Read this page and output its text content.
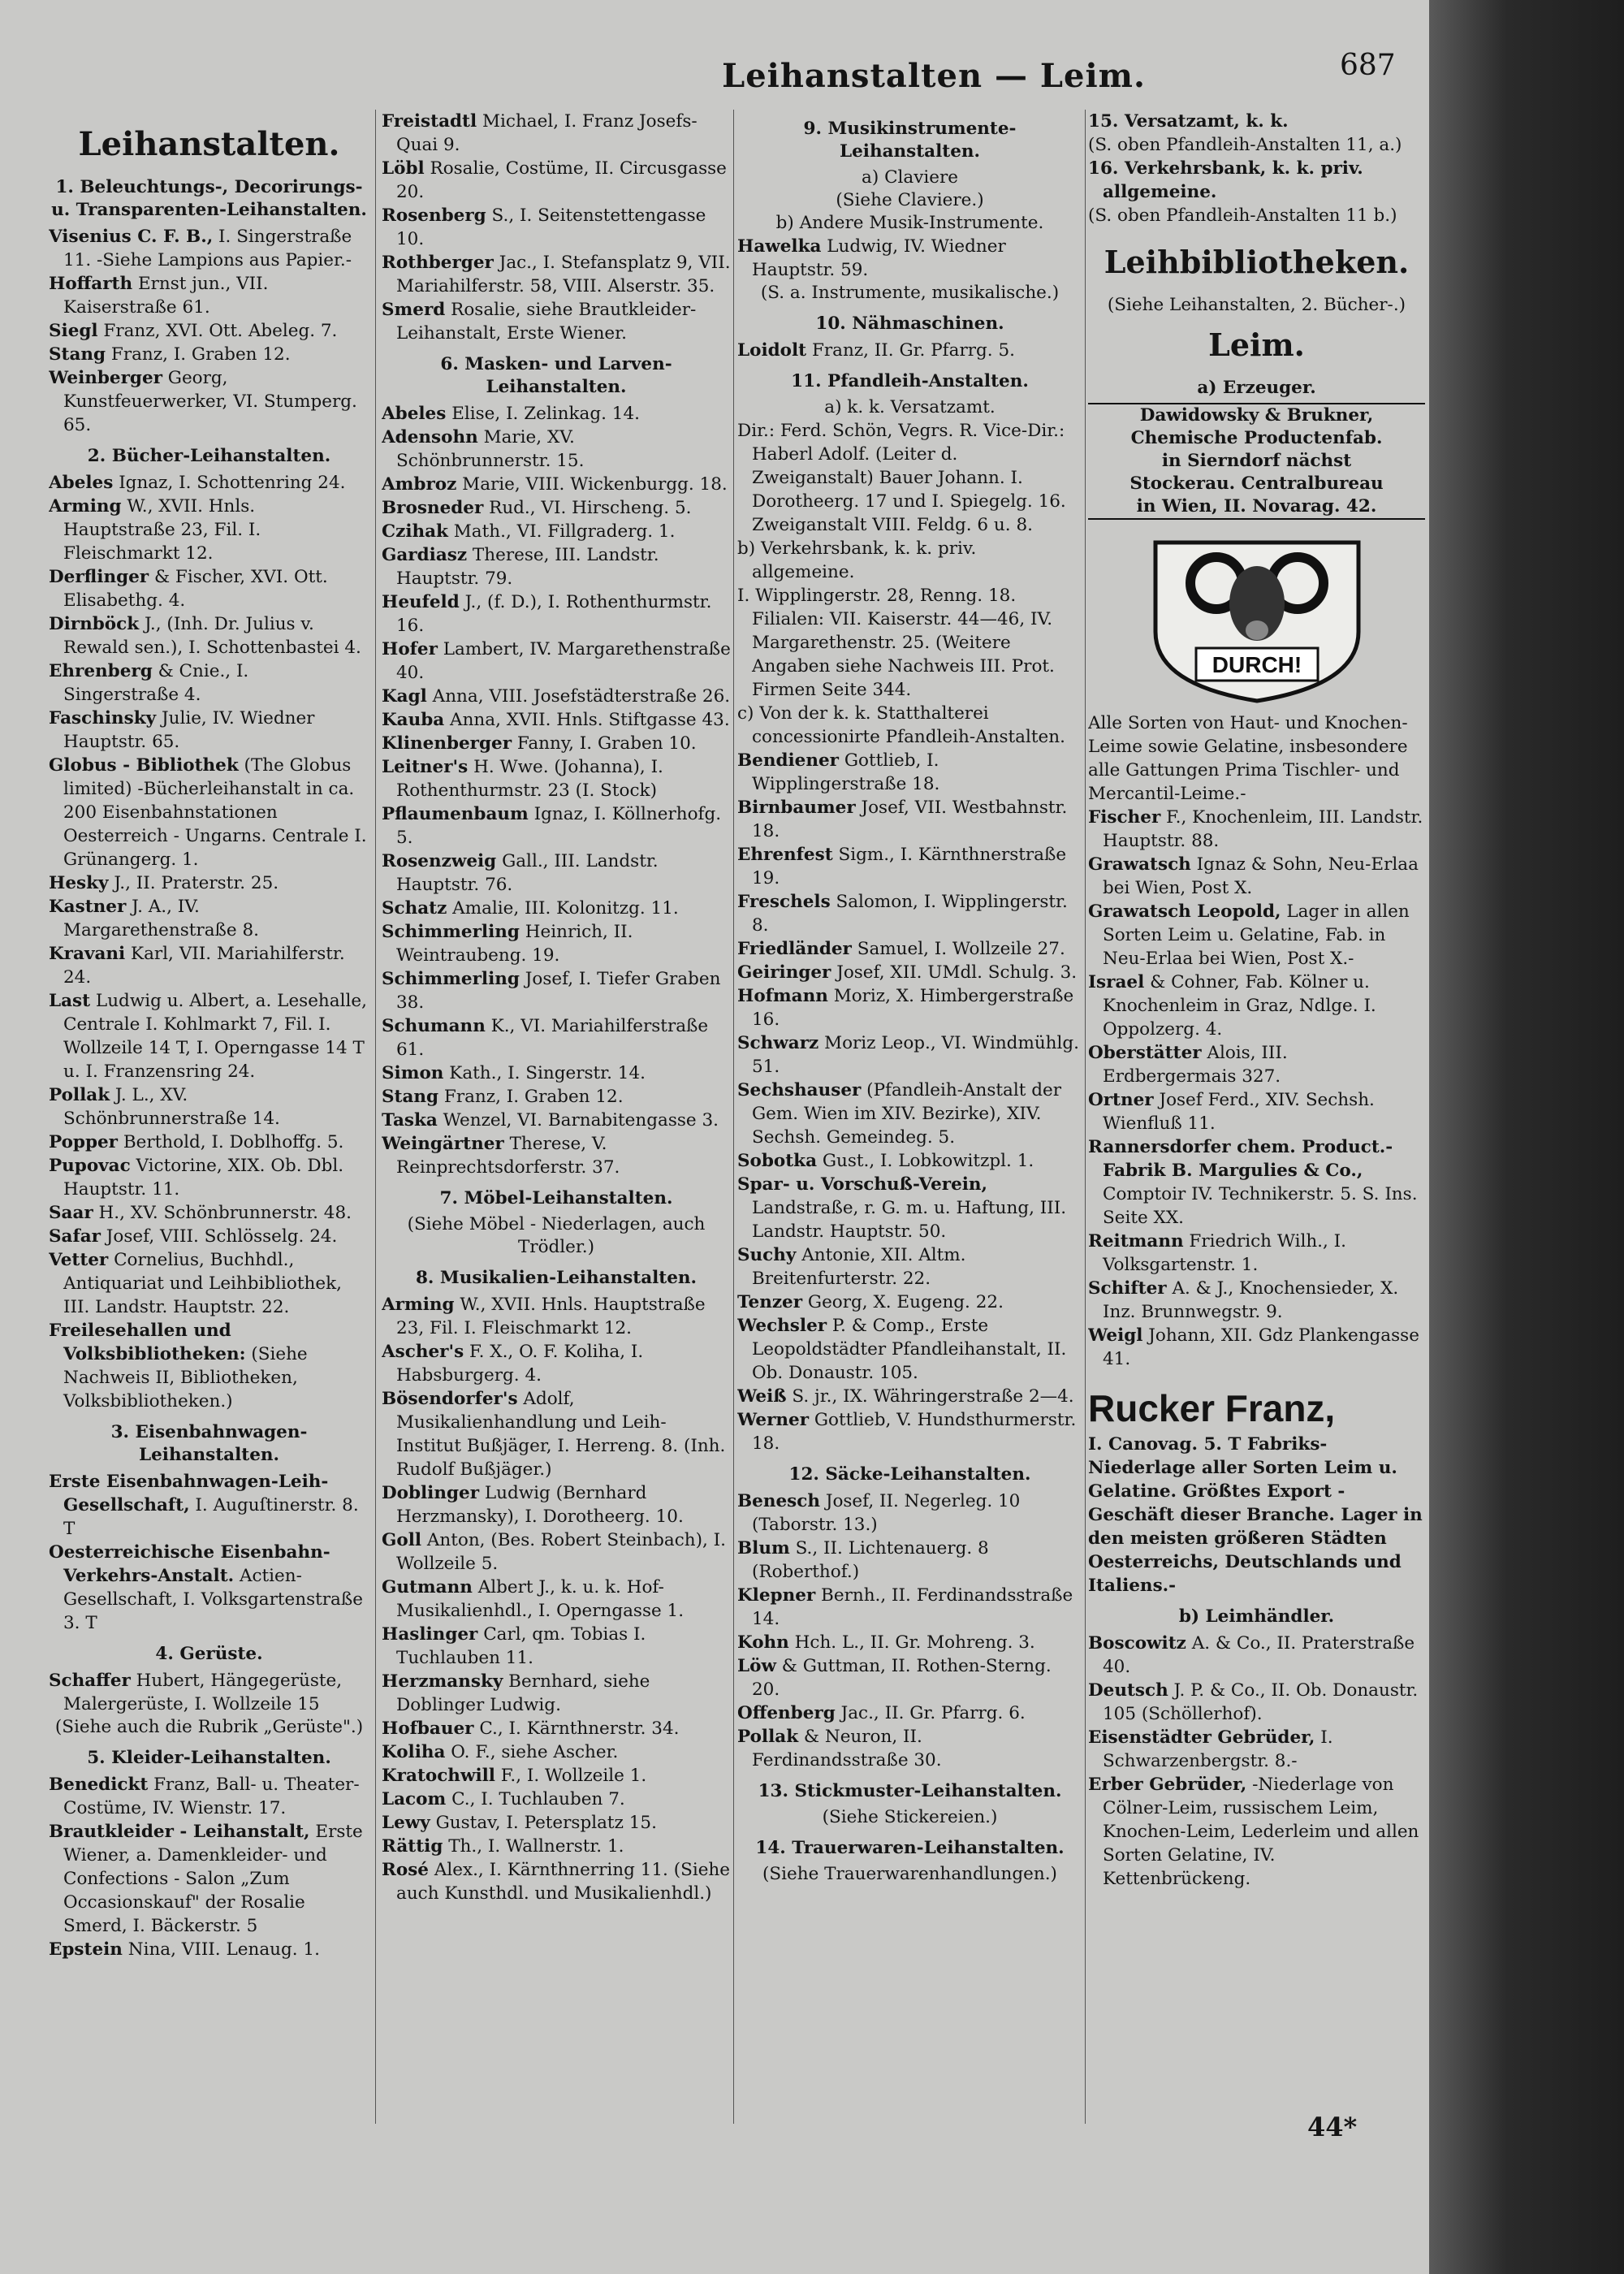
Leihanstalten — Leim.	687
Leihanstalten.
1. Beleuchtungs-, Decorirungs- u. Transparenten-Leihanstalten.
Visenius C. F. B., I. Singerstraße 11. -Siehe Lampions aus Papier.-
Hoffarth Ernst jun., VII. Kaiserstraße 61.
Siegl Franz, XVI. Ott. Abeleg. 7.
Stang Franz, I. Graben 12.
Weinberger Georg, Kunstfeuerwerker, VI. Stumperg. 65.
2. Bücher-Leihanstalten.
Abeles Ignaz, I. Schottenring 24.
Arming W., XVII. Hnls. Hauptstraße 23, Fil. I. Fleischmarkt 12.
Derflinger & Fischer, XVI. Ott. Elisabethg. 4.
Dirnböck J., (Inh. Dr. Julius v. Rewald sen.), I. Schottenbastei 4.
Ehrenberg & Cnie., I. Singerstraße 4.
Faschinsky Julie, IV. Wiedner Hauptstr. 65.
Globus - Bibliothek (The Globus limited) -Bücherleihanstalt in ca. 200 Eisenbahnstationen Oesterreich - Ungarns. Centrale I. Grünangerg. 1.
Hesky J., II. Praterstr. 25.
Kastner J. A., IV. Margarethenstraße 8.
Kravani Karl, VII. Mariahilferstr. 24.
Last Ludwig u. Albert, a. Lesehalle, Centrale I. Kohlmarkt 7, Fil. I. Wollzeile 14 T, I. Operngasse 14 T u. I. Franzensring 24.
Pollak J. L., XV. Schönbrunnerstraße 14.
Popper Berthold, I. Doblhoffg. 5.
Pupovac Victorine, XIX. Ob. Dbl. Hauptstr. 11.
Saar H., XV. Schönbrunnerstr. 48.
Safar Josef, VIII. Schlösselg. 24.
Vetter Cornelius, Buchhdl., Antiquariat und Leihbibliothek, III. Landstr. Hauptstr. 22.
Freilesehallen und Volksbibliotheken: (Siehe Nachweis II, Bibliotheken, Volksbibliotheken.)
3. Eisenbahnwagen-Leihanstalten.
Erste Eisenbahnwagen-Leih-Gesellschaft, I. Auguſtinerstr. 8. T
Oesterreichische Eisenbahn-Verkehrs-Anstalt. Actien-Gesellschaft, I. Volksgartenstraße 3. T
4. Gerüste.
Schaffer Hubert, Hängegerüste, Malergerüste, I. Wollzeile 15
(Siehe auch die Rubrik „Gerüste".)
5. Kleider-Leihanstalten.
Benedickt Franz, Ball- u. Theater-Costüme, IV. Wienstr. 17.
Brautkleider - Leihanstalt, Erste Wiener, a. Damenkleider- und Confections - Salon „Zum Occasionskauf" der Rosalie Smerd, I. Bäckerstr. 5
Epstein Nina, VIII. Lenaug. 1.
Freistadtl Michael, I. Franz Josefs-Quai 9.
Löbl Rosalie, Costüme, II. Circusgasse 20.
Rosenberg S., I. Seitenstettengasse 10.
Rothberger Jac., I. Stefansplatz 9, VII. Mariahilferstr. 58, VIII. Alserstr. 35.
Smerd Rosalie, siehe Brautkleider-Leihanstalt, Erste Wiener.
6. Masken- und Larven-Leihanstalten.
Abeles Elise, I. Zelinkag. 14.
Adensohn Marie, XV. Schönbrunnerstr. 15.
Ambroz Marie, VIII. Wickenburgg. 18.
Brosneder Rud., VI. Hirscheng. 5.
Czihak Math., VI. Fillgraderg. 1.
Gardiasz Therese, III. Landstr. Hauptstr. 79.
Heufeld J., (f. D.), I. Rothenthurmstr. 16.
Hofer Lambert, IV. Margarethenstraße 40.
Kagl Anna, VIII. Josefstädterstraße 26.
Kauba Anna, XVII. Hnls. Stiftgasse 43.
Klinenberger Fanny, I. Graben 10.
Leitner's H. Wwe. (Johanna), I. Rothenthurmstr. 23 (I. Stock)
Pflaumenbaum Ignaz, I. Köllnerhofg. 5.
Rosenzweig Gall., III. Landstr. Hauptstr. 76.
Schatz Amalie, III. Kolonitzg. 11.
Schimmerling Heinrich, II. Weintraubeng. 19.
Schimmerling Josef, I. Tiefer Graben 38.
Schumann K., VI. Mariahilferstraße 61.
Simon Kath., I. Singerstr. 14.
Stang Franz, I. Graben 12.
Taska Wenzel, VI. Barnabitengasse 3.
Weingärtner Therese, V. Reinprechtsdorferstr. 37.
7. Möbel-Leihanstalten.
(Siehe Möbel - Niederlagen, auch Trödler.)
8. Musikalien-Leihanstalten.
Arming W., XVII. Hnls. Hauptstraße 23, Fil. I. Fleischmarkt 12.
Ascher's F. X., O. F. Koliha, I. Habsburgerg. 4.
Bösendorfer's Adolf, Musikalienhandlung und Leih-Institut Bußjäger, I. Herreng. 8. (Inh. Rudolf Bußjäger.)
Doblinger Ludwig (Bernhard Herzmansky), I. Dorotheerg. 10.
Goll Anton, (Bes. Robert Steinbach), I. Wollzeile 5.
Gutmann Albert J., k. u. k. Hof-Musikalienhdl., I. Operngasse 1.
Haslinger Carl, qm. Tobias I. Tuchlauben 11.
Herzmansky Bernhard, siehe Doblinger Ludwig.
Hofbauer C., I. Kärnthnerstr. 34.
Koliha O. F., siehe Ascher.
Kratochwill F., I. Wollzeile 1.
Lacom C., I. Tuchlauben 7.
Lewy Gustav, I. Petersplatz 15.
Rättig Th., I. Wallnerstr. 1.
Rosé Alex., I. Kärnthnerring 11. (Siehe auch Kunsthdl. und Musikalienhdl.)
9. Musikinstrumente-Leihanstalten.
a) Claviere
(Siehe Claviere.)
b) Andere Musik-Instrumente.
Hawelka Ludwig, IV. Wiedner Hauptstr. 59.
(S. a. Instrumente, musikalische.)
10. Nähmaschinen.
Loidolt Franz, II. Gr. Pfarrg. 5.
11. Pfandleih-Anstalten.
a) k. k. Versatzamt.
Dir.: Ferd. Schön, Vegrs. R. Vice-Dir.: Haberl Adolf. (Leiter d. Zweiganstalt) Bauer Johann. I. Dorotheerg. 17 und I. Spiegelg. 16. Zweiganstalt VIII. Feldg. 6 u. 8.
b) Verkehrsbank, k. k. priv. allgemeine.
I. Wipplingerstr. 28, Renng. 18. Filialen: VII. Kaiserstr. 44—46, IV. Margarethenstr. 25. (Weitere Angaben siehe Nachweis III. Prot. Firmen Seite 344.
c) Von der k. k. Statthalterei concessionirte Pfandleih-Anstalten.
Bendiener Gottlieb, I. Wipplingerstraße 18.
Birnbaumer Josef, VII. Westbahnstr. 18.
Ehrenfest Sigm., I. Kärnthnerstraße 19.
Freschels Salomon, I. Wipplingerstr. 8.
Friedländer Samuel, I. Wollzeile 27.
Geiringer Josef, XII. UMdl. Schulg. 3.
Hofmann Moriz, X. Himbergerstraße 16.
Schwarz Moriz Leop., VI. Windmühlg. 51.
Sechshauser (Pfandleih-Anstalt der Gem. Wien im XIV. Bezirke), XIV. Sechsh. Gemeindeg. 5.
Sobotka Gust., I. Lobkowitzpl. 1.
Spar- u. Vorschuß-Verein, Landstraße, r. G. m. u. Haftung, III. Landstr. Hauptstr. 50.
Suchy Antonie, XII. Altm. Breitenfurterstr. 22.
Tenzer Georg, X. Eugeng. 22.
Wechsler P. & Comp., Erste Leopoldstädter Pfandleihanstalt, II. Ob. Donaustr. 105.
Weiß S. jr., IX. Währingerstraße 2—4.
Werner Gottlieb, V. Hundsthurmerstr. 18.
12. Säcke-Leihanstalten.
Benesch Josef, II. Negerleg. 10 (Taborstr. 13.)
Blum S., II. Lichtenauerg. 8 (Roberthof.)
Klepner Bernh., II. Ferdinandsstraße 14.
Kohn Hch. L., II. Gr. Mohreng. 3.
Löw & Guttman, II. Rothen-Sterng. 20.
Offenberg Jac., II. Gr. Pfarrg. 6.
Pollak & Neuron, II. Ferdinandsstraße 30.
13. Stickmuster-Leihanstalten.
(Siehe Stickereien.)
14. Trauerwaren-Leihanstalten.
(Siehe Trauerwarenhandlungen.)
15. Versatzamt, k. k.
(S. oben Pfandleih-Anstalten 11, a.)
16. Verkehrsbank, k. k. priv. allgemeine.
(S. oben Pfandleih-Anstalten 11 b.)
Leihbibliotheken.
(Siehe Leihanstalten, 2. Bücher-.)
Leim.
a) Erzeuger.
Dawidowsky & Brukner,
Chemische Productenfab.
in Sierndorf nächst
Stockerau. Centralbureau
in Wien, II. Novarag. 42.
DURCH!
Alle Sorten von Haut- und Knochen-Leime sowie Gelatine, insbesondere alle Gattungen Prima Tischler- und Mercantil-Leime.-
Fischer F., Knochenleim, III. Landstr. Hauptstr. 88.
Grawatsch Ignaz & Sohn, Neu-Erlaa bei Wien, Post X.
Grawatsch Leopold, Lager in allen Sorten Leim u. Gelatine, Fab. in Neu-Erlaa bei Wien, Post X.-
Israel & Cohner, Fab. Kölner u. Knochenleim in Graz, Ndlge. I. Oppolzerg. 4.
Oberstätter Alois, III. Erdbergermais 327.
Ortner Josef Ferd., XIV. Sechsh. Wienfluß 11.
Rannersdorfer chem. Product.-Fabrik B. Margulies & Co., Comptoir IV. Technikerstr. 5. S. Ins. Seite XX.
Reitmann Friedrich Wilh., I. Volksgartenstr. 1.
Schifter A. & J., Knochensieder, X. Inz. Brunnwegstr. 9.
Weigl Johann, XII. Gdz Plankengasse 41.
Rucker Franz,
I. Canovag. 5. T Fabriks-Niederlage aller Sorten Leim u. Gelatine. Größtes Export - Geschäft dieser Branche. Lager in den meisten größeren Städten Oesterreichs, Deutschlands und Italiens.-
b) Leimhändler.
Boscowitz A. & Co., II. Praterstraße 40.
Deutsch J. P. & Co., II. Ob. Donaustr. 105 (Schöllerhof).
Eisenstädter Gebrüder, I. Schwarzenbergstr. 8.-
Erber Gebrüder, -Niederlage von Cölner-Leim, russischem Leim, Knochen-Leim, Lederleim und allen Sorten Gelatine, IV. Kettenbrückeng.
44*
